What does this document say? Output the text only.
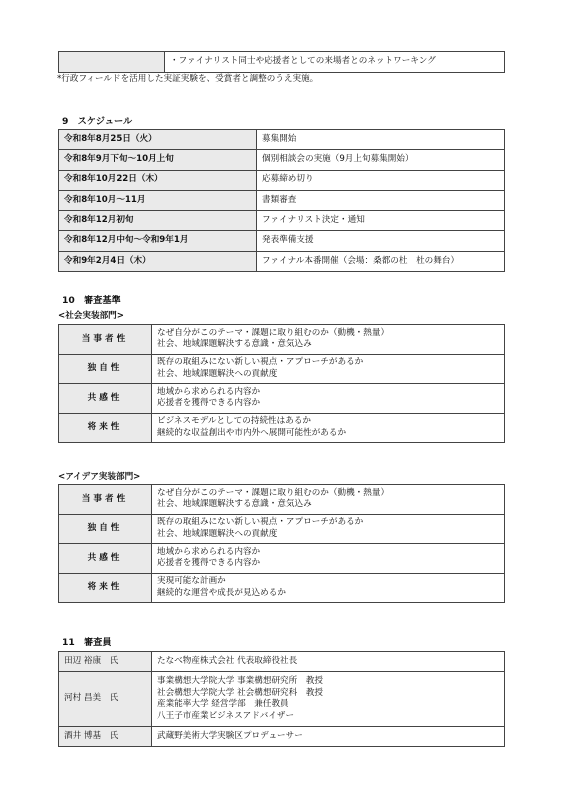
	・ファイナリスト同士や応援者としての来場者とのネットワーキング
*行政フィールドを活用した実証実験を、受賞者と調整のうえ実施。
9　スケジュール
令和8年8月25日（火）	募集開始
令和8年9月下旬～10月上旬	個別相談会の実施（9月上旬募集開始）
令和8年10月22日（木）	応募締め切り
令和8年10月～11月	書類審査
令和8年12月初旬	ファイナリスト決定・通知
令和8年12月中旬～令和9年1月	発表準備支援
令和9年2月4日（木）	ファイナル本番開催（会場：桑都の杜　杜の舞台）
10　審査基準
<社会実装部門>
当事者性	なぜ自分がこのテーマ・課題に取り組むのか（動機・熱量）
社会、地域課題解決する意識・意気込み

独自性	既存の取組みにない新しい視点・アプローチがあるか
社会、地域課題解決への貢献度

共感性	地域から求められる内容か
応援者を獲得できる内容か

将来性	ビジネスモデルとしての持続性はあるか
継続的な収益創出や市内外へ展開可能性があるか
<アイデア実装部門>
当事者性	なぜ自分がこのテーマ・課題に取り組むのか（動機・熱量）
社会、地域課題解決する意識・意気込み

独自性	既存の取組みにない新しい視点・アプローチがあるか
社会、地域課題解決への貢献度

共感性	地域から求められる内容か
応援者を獲得できる内容か

将来性	実現可能な計画か
継続的な運営や成長が見込めるか
11　審査員
田辺 裕康　氏	たなべ物産株式会社 代表取締役社長

河村 昌美　氏	事業構想大学院大学 事業構想研究所　教授
社会構想大学院大学 社会構想研究科　教授
産業能率大学 経営学部　兼任教員
八王子市産業ビジネスアドバイザー

酒井 博基　氏	武蔵野美術大学実験区プロデューサー
